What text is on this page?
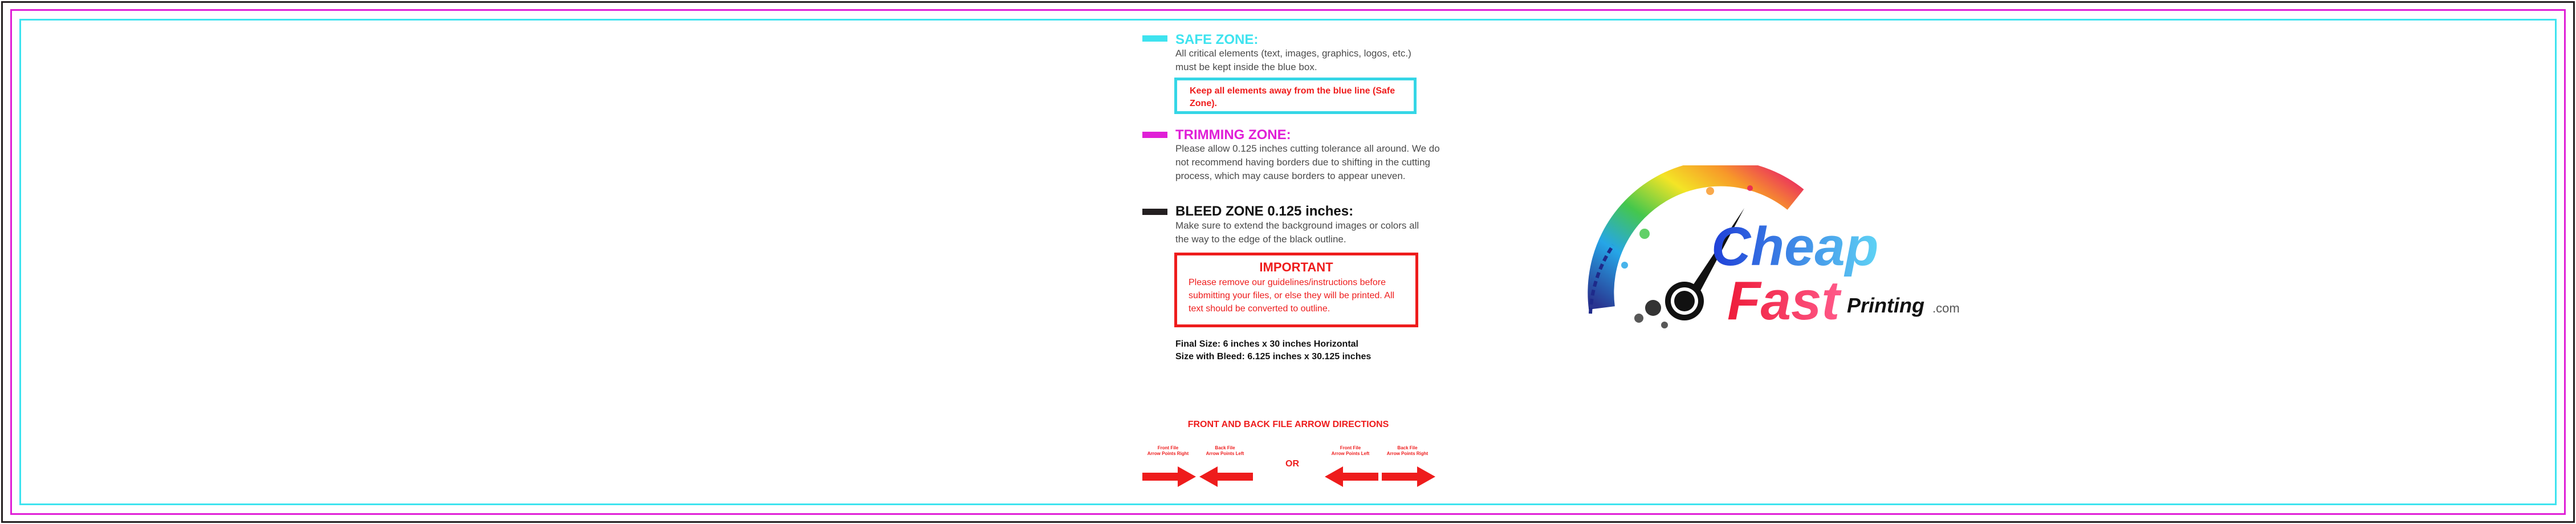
SAFE ZONE:
All critical elements (text, images, graphics, logos, etc.) must be kept inside the blue box.
Keep all elements away from the blue line (Safe Zone).
TRIMMING ZONE:
Please allow 0.125 inches cutting tolerance all around. We do not recommend having borders due to shifting in the cutting process, which may cause borders to appear uneven.
BLEED ZONE 0.125 inches:
Make sure to extend the background images or colors all the way to the edge of the black outline.
IMPORTANT
Please remove our guidelines/instructions before submitting your files, or else they will be printed. All text should be converted to outline.
Final Size: 6 inches x 30 inches Horizontal
Size with Bleed: 6.125 inches x 30.125 inches
FRONT AND BACK FILE ARROW DIRECTIONS
Front File
Arrow Points Right
Back File
Arrow Points Left
Front File
Arrow Points Left
Back File
Arrow Points Right
OR
Cheap
Fast Printing .com
